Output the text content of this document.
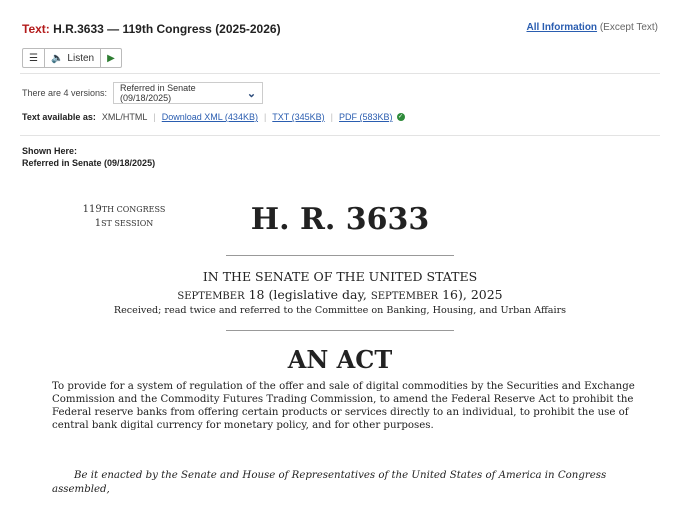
Text: H.R.3633 — 119th Congress (2025-2026)	All Information (Except Text)
☰ 🔈 Listen ▶
There are 4 versions: Referred in Senate (09/18/2025)	⌄
Text available as: XML/HTML | Download XML (434KB) | TXT (345KB) | PDF (583KB) ✓
Shown Here:
Referred in Senate (09/18/2025)
119TH CONGRESS
1ST SESSION	H. R. 3633
IN THE SENATE OF THE UNITED STATES
SEPTEMBER 18 (legislative day, SEPTEMBER 16), 2025
Received; read twice and referred to the Committee on Banking, Housing, and Urban Affairs
AN ACT
To provide for a system of regulation of the offer and sale of digital commodities by the Securities and Exchange Commission and the Commodity Futures Trading Commission, to amend the Federal Reserve Act to prohibit the Federal reserve banks from offering certain products or services directly to an individual, to prohibit the use of central bank digital currency for monetary policy, and for other purposes.
Be it enacted by the Senate and House of Representatives of the United States of America in Congress assembled,
